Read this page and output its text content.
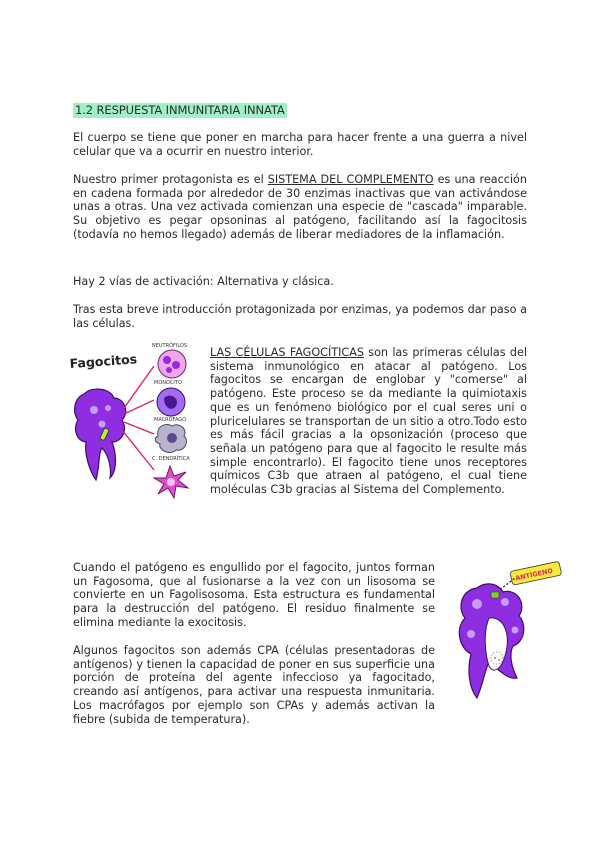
1.2 RESPUESTA INMUNITARIA INNATA

El cuerpo se tiene que poner en marcha para hacer frente a una guerra a nivel celular que va a ocurrir en nuestro interior.

Nuestro primer protagonista es el SISTEMA DEL COMPLEMENTO es una reacción en cadena formada por alrededor de 30 enzimas inactivas que van activándose unas a otras. Una vez activada comienzan una especie de "cascada" imparable. Su objetivo es pegar opsoninas al patógeno, facilitando así la fagocitosis (todavía no hemos llegado) además de liberar mediadores de la inflamación.

Hay 2 vías de activación: Alternativa y clásica.

Tras esta breve introducción protagonizada por enzimas, ya podemos dar paso a las células.

Fagocitos
NEUTRÓFILOS
MONOCITO
MACRÓFAGO
C. DENDRÍTICA

LAS CÉLULAS FAGOCÍTICAS son las primeras células del sistema inmunológico en atacar al patógeno. Los fagocitos se encargan de englobar y "comerse" al patógeno. Este proceso se da mediante la quimiotaxis que es un fenómeno biológico por el cual seres uni o pluricelulares se transportan de un sitio a otro.Todo esto es más fácil gracias a la opsonización (proceso que señala un patógeno para que al fagocito le resulte más simple encontrarlo). El fagocito tiene unos receptores químicos C3b que atraen al patógeno, el cual tiene moléculas C3b gracias al Sistema del Complemento.

Cuando el patógeno es engullido por el fagocito, juntos forman un Fagosoma, que al fusionarse a la vez con un lisosoma se convierte en un Fagolisosoma. Esta estructura es fundamental para la destrucción del patógeno. El residuo finalmente se elimina mediante la exocitosis.

Algunos fagocitos son además CPA (células presentadoras de antígenos) y tienen la capacidad de poner en sus superficie una porción de proteína del agente infeccioso ya fagocitado, creando así antígenos, para activar una respuesta inmunitaria. Los macrófagos por ejemplo son CPAs y además activan la fiebre (subida de temperatura).

ANTÍGENO
